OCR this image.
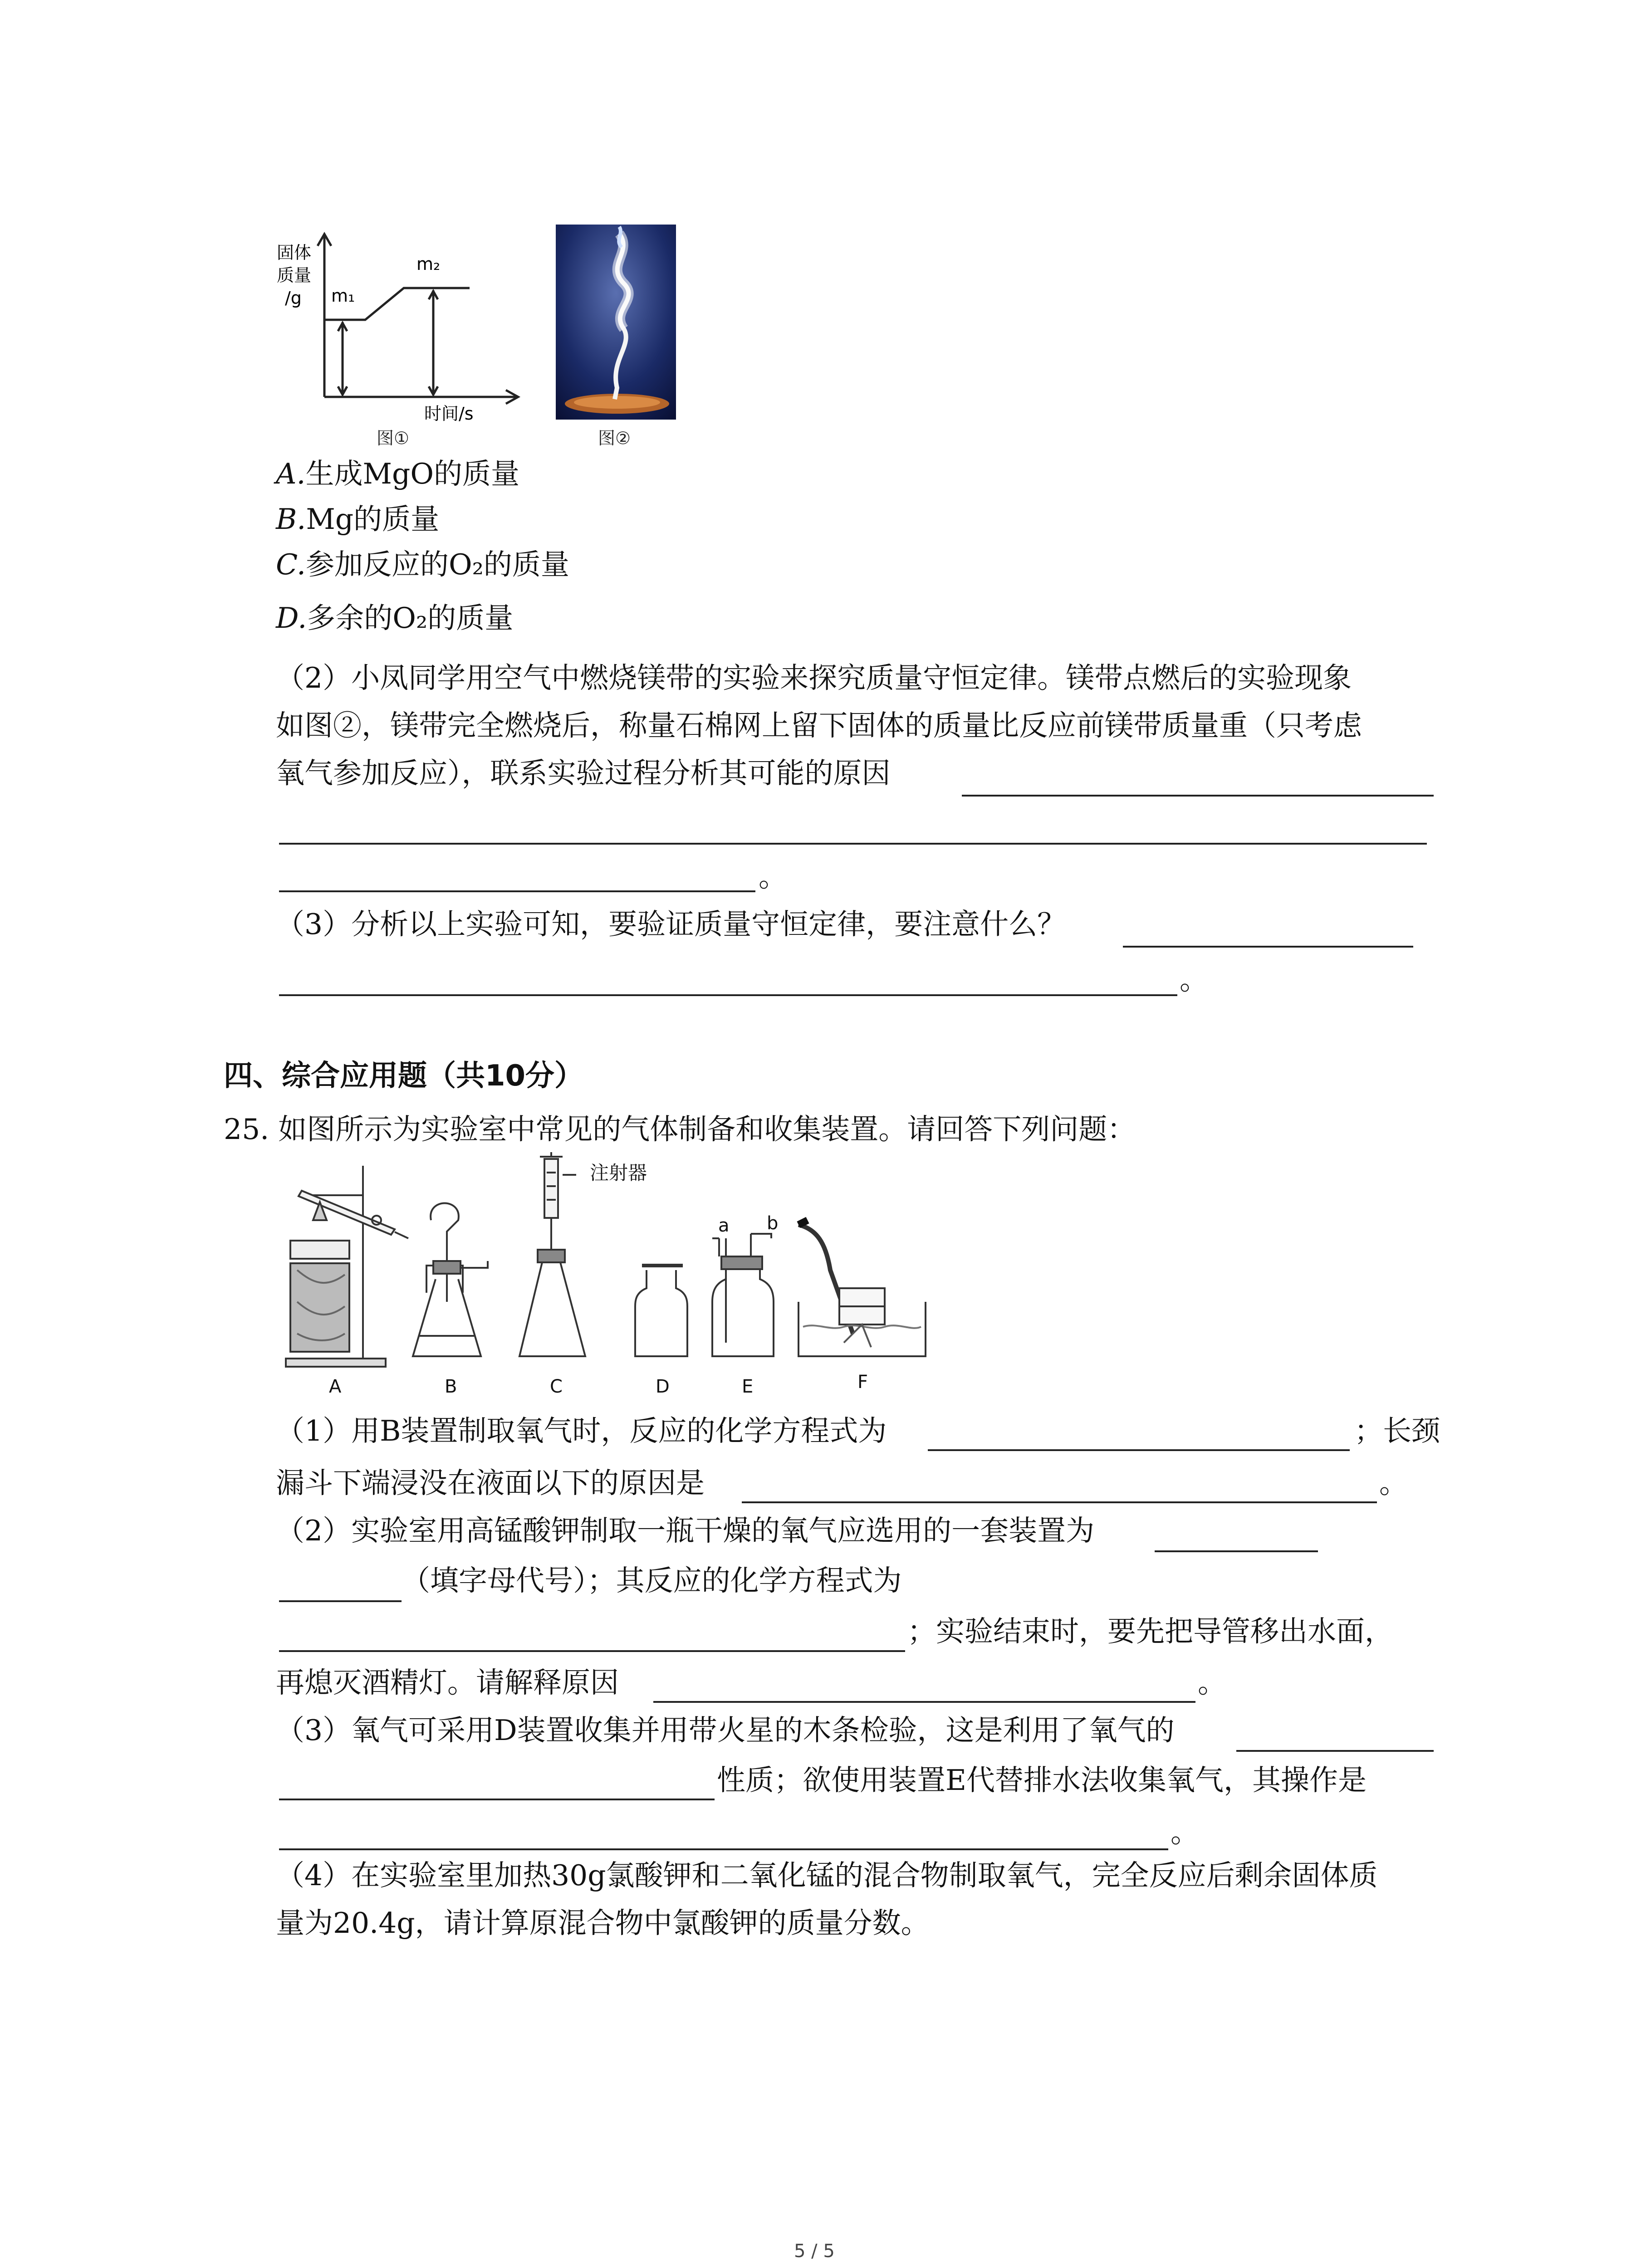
固体
质量
/g m₁
m₂
时间/s
图①	图②
A.生成MgO的质量
B.Mg的质量
C.参加反应的O₂的质量
D.多余的O₂的质量
（2）小凤同学用空气中燃烧镁带的实验来探究质量守恒定律。镁带点燃后的实验现象
如图②，镁带完全燃烧后，称量石棉网上留下固体的质量比反应前镁带质量重（只考虑
氧气参加反应），联系实验过程分析其可能的原因
。
（3）分析以上实验可知，要验证质量守恒定律，要注意什么？
。
四、综合应用题（共10分）
25. 如图所示为实验室中常见的气体制备和收集装置。请回答下列问题：
注射器
a b
A	B	C	D	E	F
（1）用B装置制取氧气时，反应的化学方程式为	；长颈
漏斗下端浸没在液面以下的原因是	。
（2）实验室用高锰酸钾制取一瓶干燥的氧气应选用的一套装置为
（填字母代号）；其反应的化学方程式为
；实验结束时，要先把导管移出水面，
再熄灭酒精灯。请解释原因	。
（3）氧气可采用D装置收集并用带火星的木条检验，这是利用了氧气的
性质；欲使用装置E代替排水法收集氧气，其操作是
。
（4）在实验室里加热30g氯酸钾和二氧化锰的混合物制取氧气，完全反应后剩余固体质
量为20.4g，请计算原混合物中氯酸钾的质量分数。
5 / 5
